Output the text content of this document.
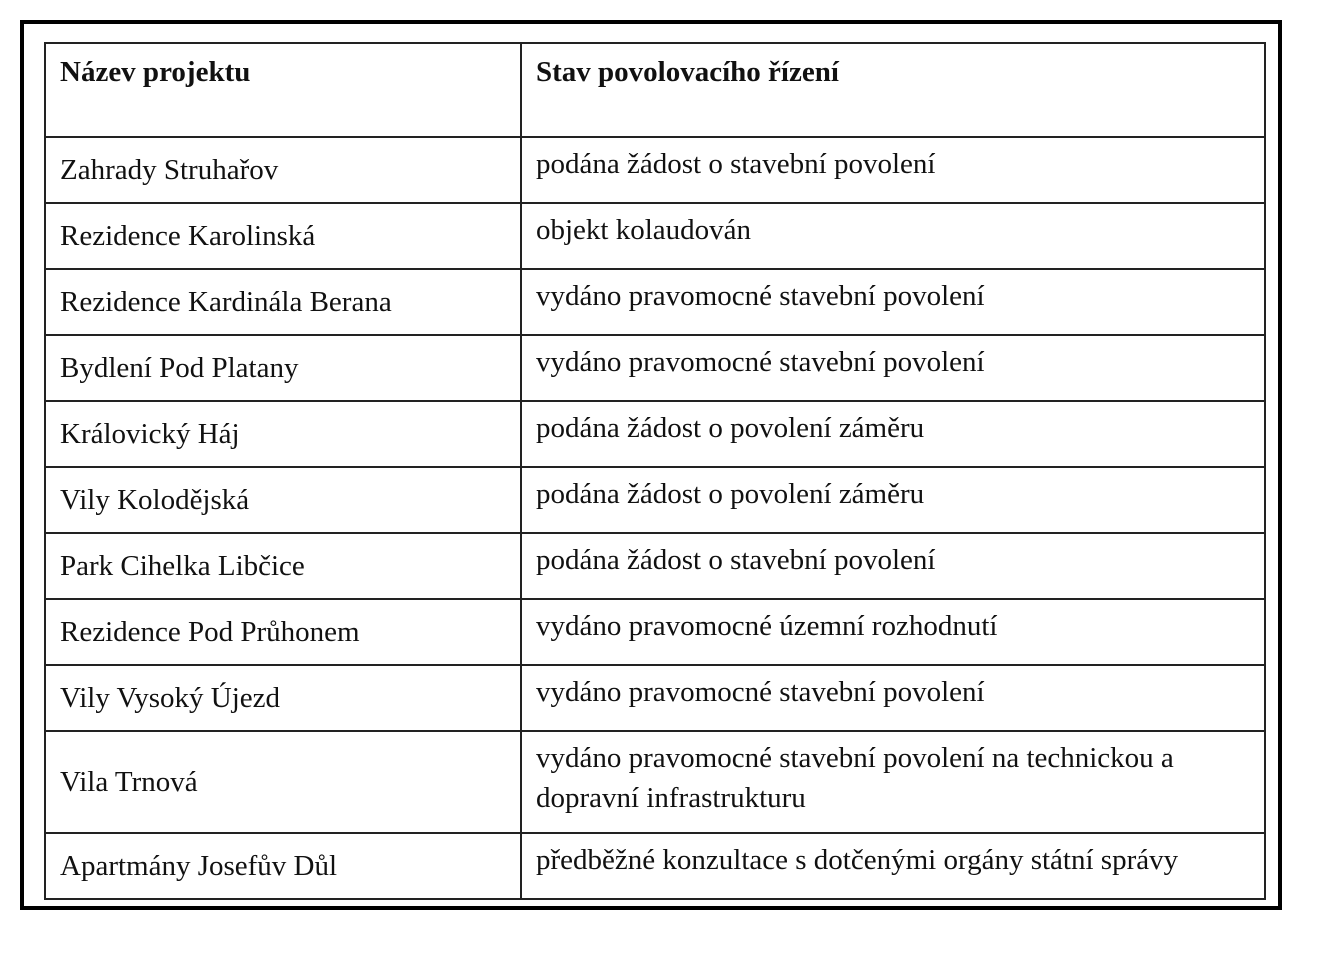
Název projektu	Stav povolovacího řízení
Zahrady Struhařov	podána žádost o stavební povolení
Rezidence Karolinská	objekt kolaudován
Rezidence Kardinála Berana	vydáno pravomocné stavební povolení
Bydlení Pod Platany	vydáno pravomocné stavební povolení
Královický Háj	podána žádost o povolení záměru
Vily Kolodějská	podána žádost o povolení záměru
Park Cihelka Libčice	podána žádost o stavební povolení
Rezidence Pod Průhonem	vydáno pravomocné územní rozhodnutí
Vily Vysoký Újezd	vydáno pravomocné stavební povolení
Vila Trnová	vydáno pravomocné stavební povolení na technickou a dopravní infrastrukturu
Apartmány Josefův Důl	předběžné konzultace s dotčenými orgány státní správy
